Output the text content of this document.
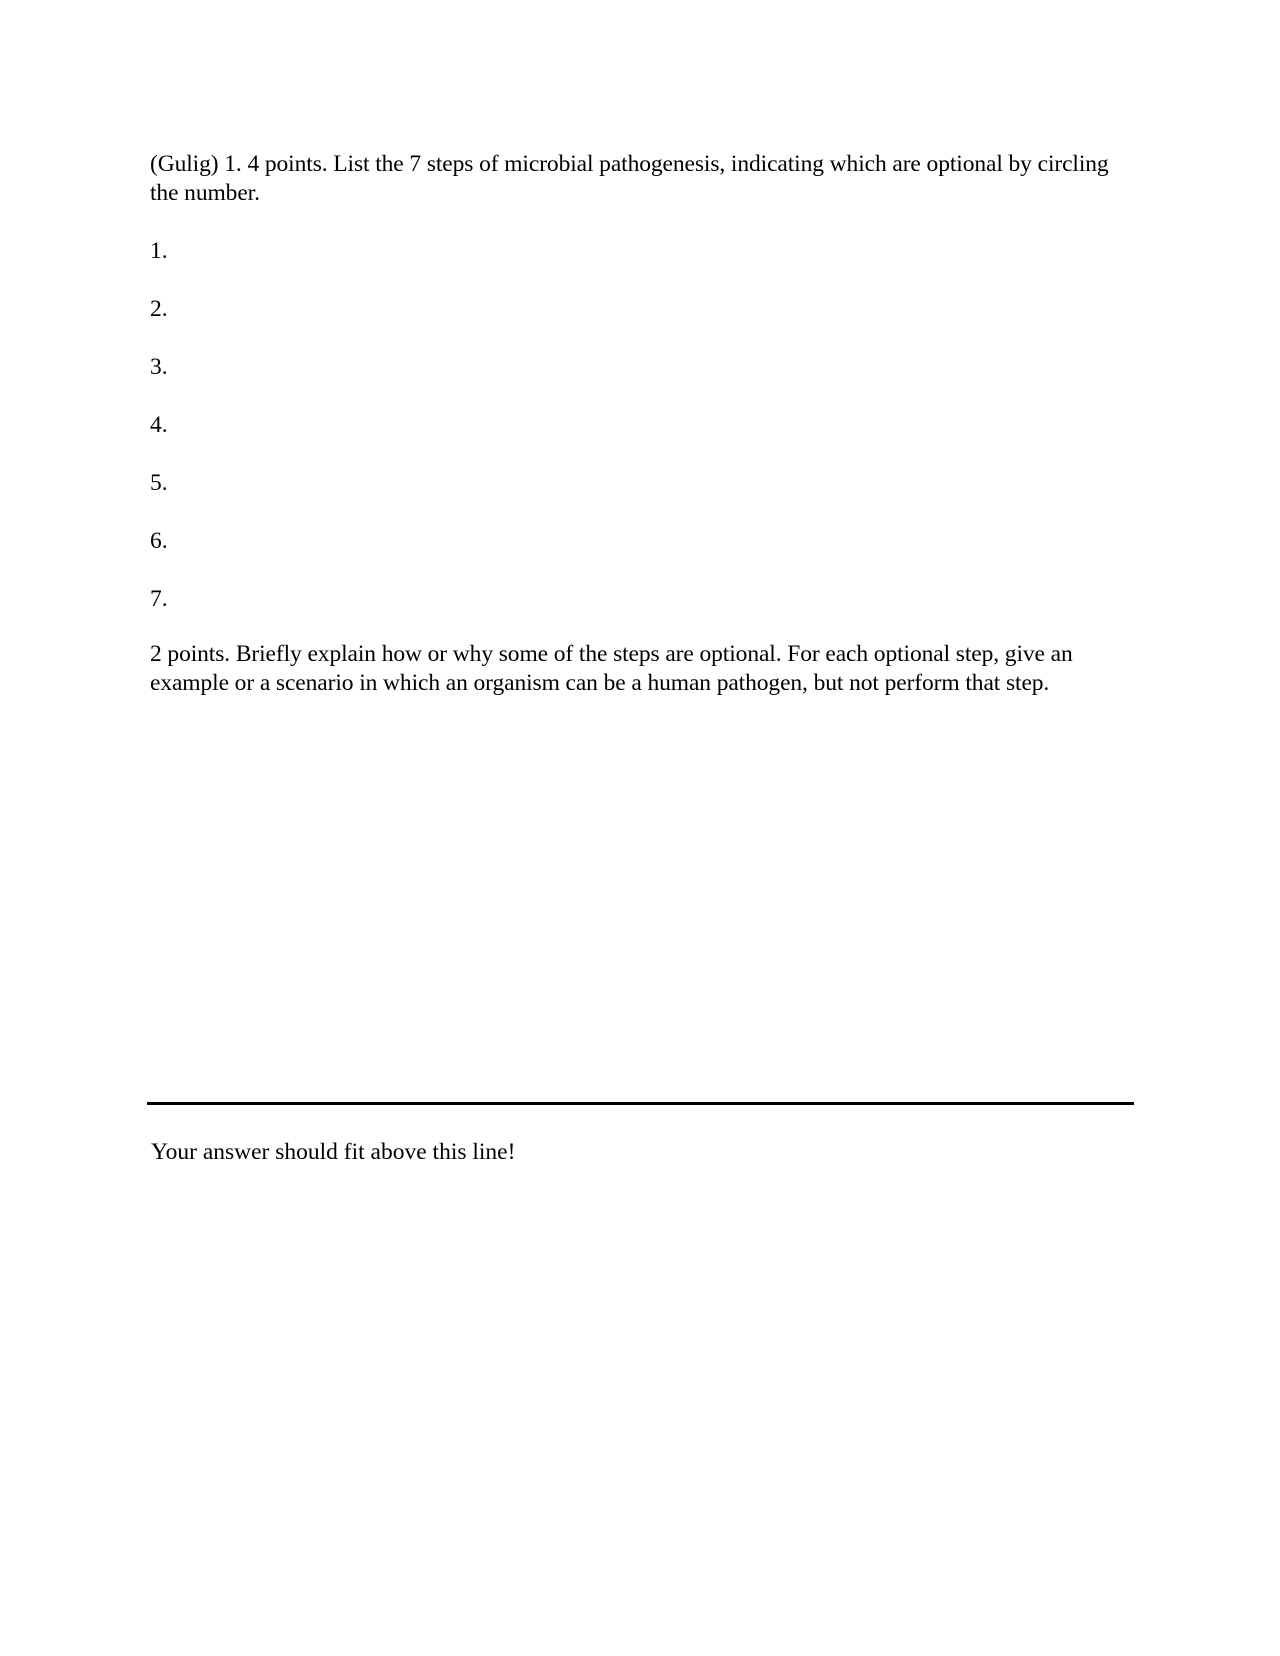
(Gulig) 1. 4 points. List the 7 steps of microbial pathogenesis, indicating which are optional by circling the number.
1.
2.
3.
4.
5.
6.
7.
2 points. Briefly explain how or why some of the steps are optional. For each optional step, give an example or a scenario in which an organism can be a human pathogen, but not perform that step.
Your answer should fit above this line!
